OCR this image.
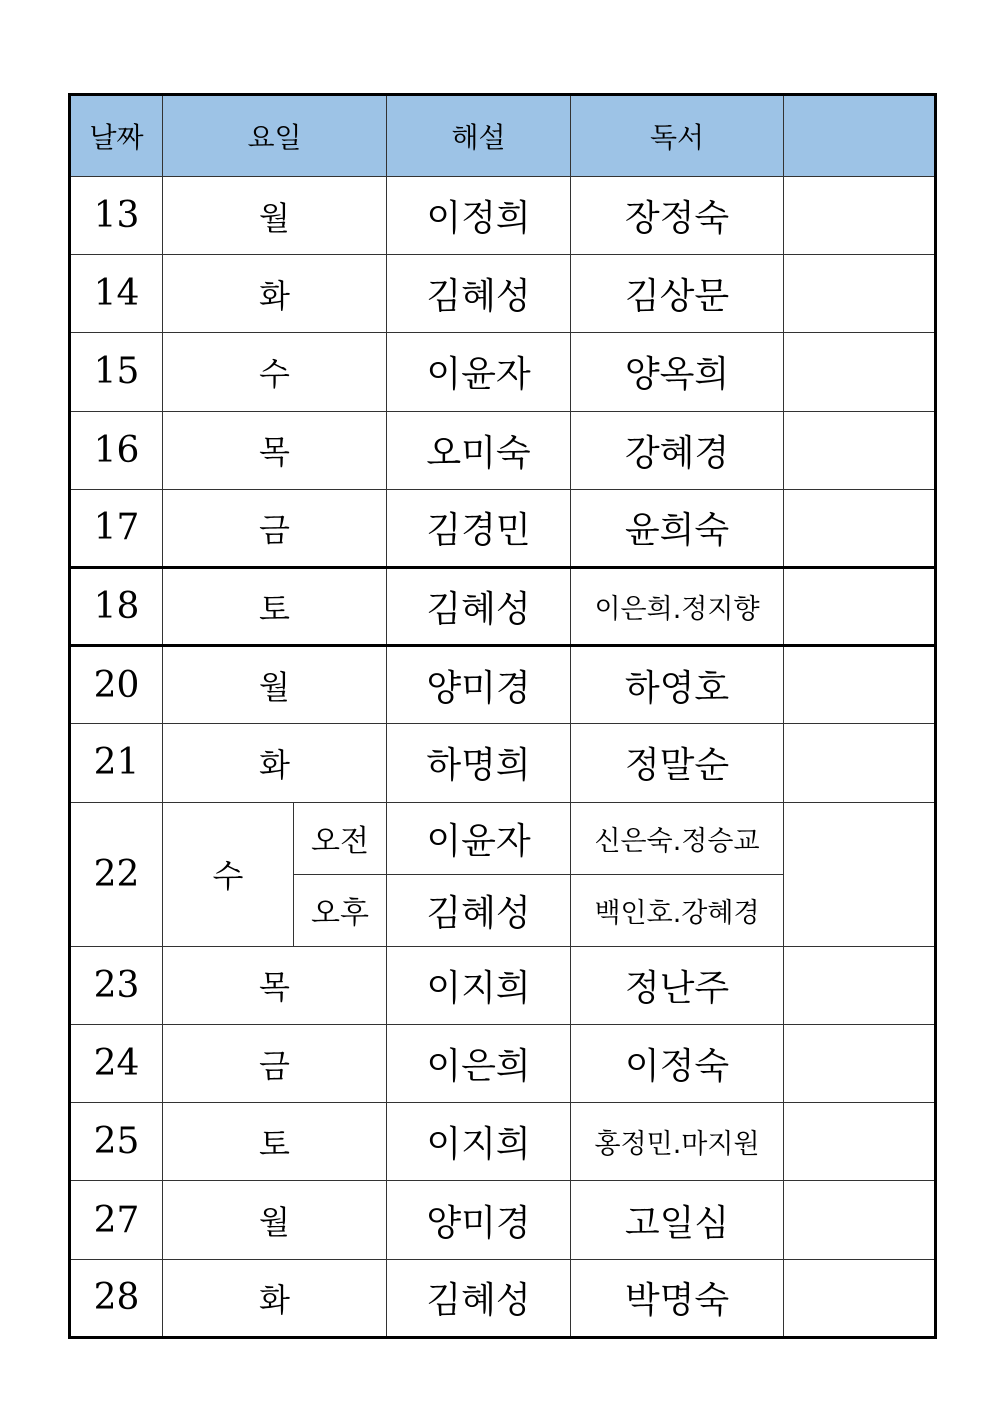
날짜	요일		해설	독서	
13	월		이정희	장정숙	
14	화		김혜성	김상문	
15	수		이윤자	양옥희	
16	목		오미숙	강혜경	
17	금		김경민	윤희숙	
18	토		김혜성	이은희.정지향	
20	월		양미경	하영호	
21	화		하명희	정말순	
22	수	오전	이윤자	신은숙.정승교	
		오후	김혜성	백인호.강혜경	
23	목		이지희	정난주	
24	금		이은희	이정숙	
25	토		이지희	홍정민.마지원	
27	월		양미경	고일심	
28	화		김혜성	박명숙	
